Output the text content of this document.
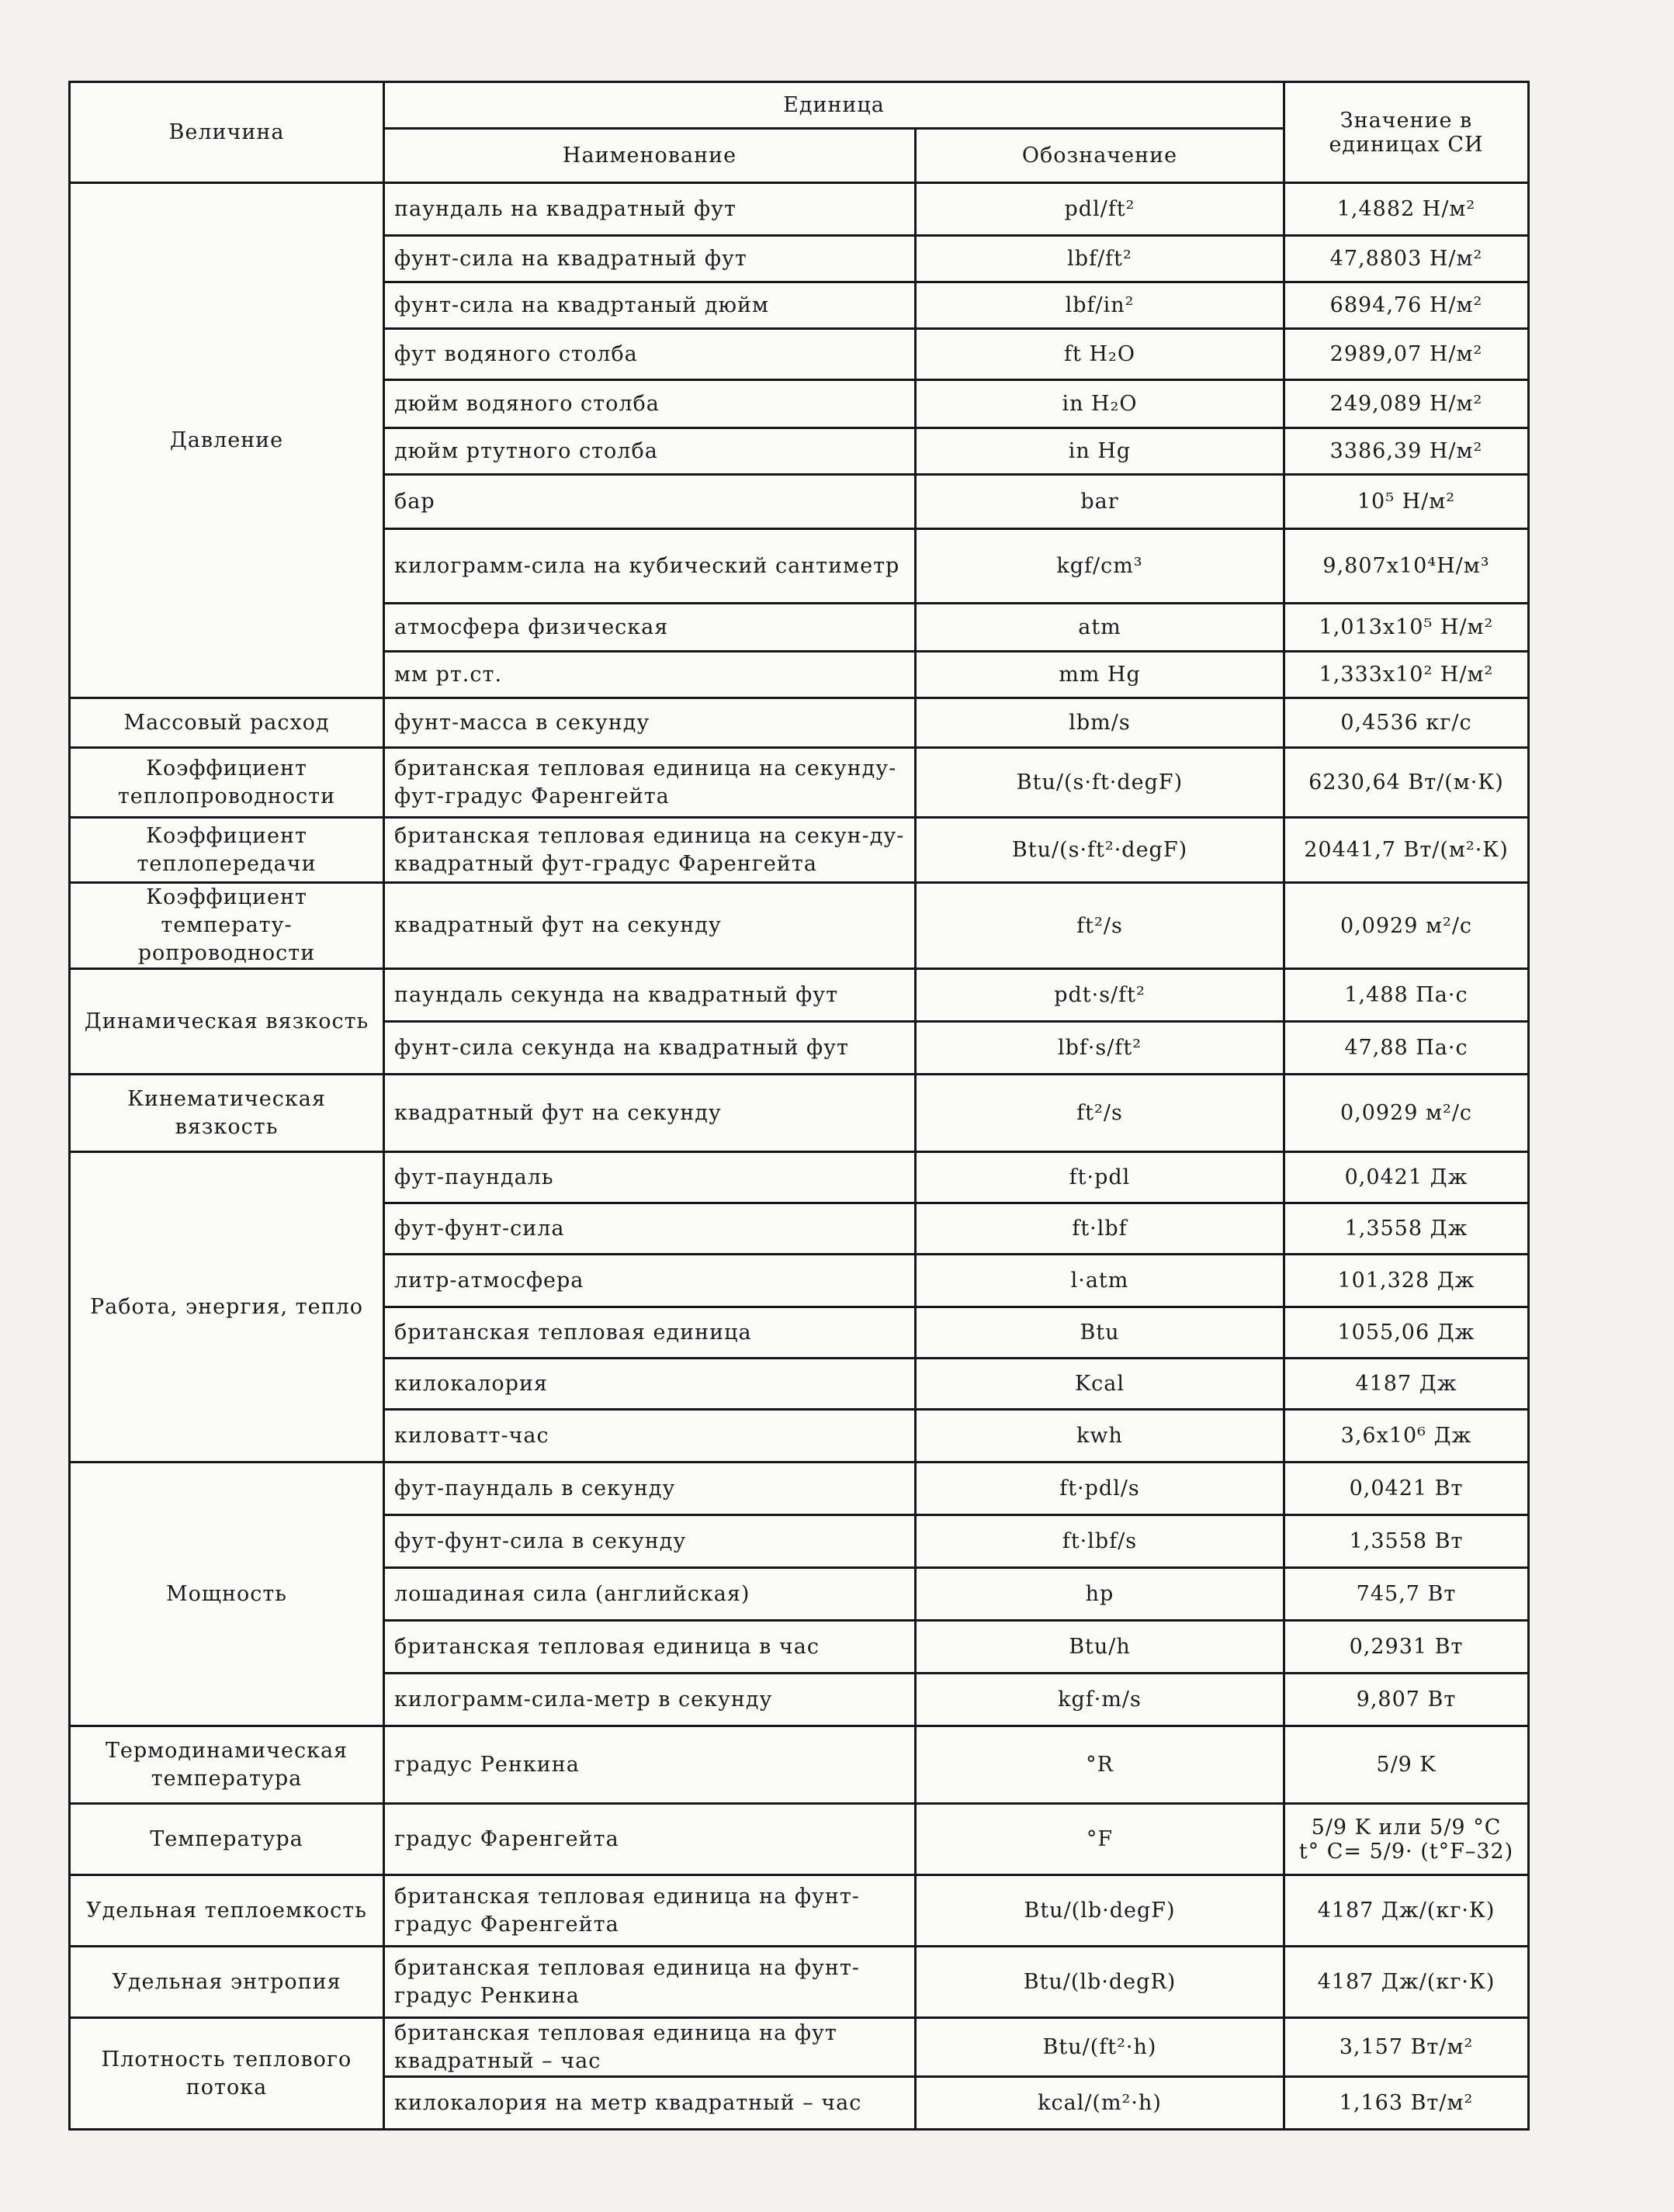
Величина	Единица		Значение в единицах СИ
	Наименование	Обозначение	
Давление	паундаль на квадратный фут	pdl/ft²	1,4882 Н/м²
	фунт-сила на квадратный фут	lbf/ft²	47,8803 Н/м²
	фунт-сила на квадртаный дюйм	lbf/in²	6894,76 Н/м²
	фут водяного столба	ft H₂O	2989,07 Н/м²
	дюйм водяного столба	in H₂O	249,089 Н/м²
	дюйм ртутного столба	in Hg	3386,39 Н/м²
	бар	bar	10⁵ Н/м²
	килограмм-сила на кубический сантиметр	kgf/cm³	9,807x10⁴Н/м³
	атмосфера физическая	atm	1,013x10⁵ Н/м²
	мм рт.ст.	mm Hg	1,333x10² Н/м²
Массовый расход	фунт-масса в секунду	lbm/s	0,4536 кг/с
Коэффициент теплопроводности	британская тепловая единица на секунду-фут-градус Фаренгейта	Btu/(s·ft·degF)	6230,64 Вт/(м·К)
Коэффициент теплопередачи	британская тепловая единица на секун-ду-квадратный фут-градус Фаренгейта	Btu/(s·ft²·degF)	20441,7 Вт/(м²·К)
Коэффициент температу-ропроводности	квадратный фут на секунду	ft²/s	0,0929 м²/с
Динамическая вязкость	паундаль секунда на квадратный фут	pdt·s/ft²	1,488 Па·с
	фунт-сила секунда на квадратный фут	lbf·s/ft²	47,88 Па·с
Кинематическая вязкость	квадратный фут на секунду	ft²/s	0,0929 м²/с
Работа, энергия, тепло	фут-паундаль	ft·pdl	0,0421 Дж
	фут-фунт-сила	ft·lbf	1,3558 Дж
	литр-атмосфера	l·atm	101,328 Дж
	британская тепловая единица	Btu	1055,06 Дж
	килокалория	Kcal	4187 Дж
	киловатт-час	kwh	3,6x10⁶ Дж
Мощность	фут-паундаль в секунду	ft·pdl/s	0,0421 Вт
	фут-фунт-сила в секунду	ft·lbf/s	1,3558 Вт
	лошадиная сила (английская)	hp	745,7 Вт
	британская тепловая единица в час	Btu/h	0,2931 Вт
	килограмм-сила-метр в секунду	kgf·m/s	9,807 Вт
Термодинамическая температура	градус Ренкина	°R	5/9 K
Температура	градус Фаренгейта	°F	5/9 K или 5/9 °C
t° C= 5/9· (t°F–32)

Удельная теплоемкость	британская тепловая единица на фунт-градус Фаренгейта	Btu/(lb·degF)	4187 Дж/(кг·К)
Удельная энтропия	британская тепловая единица на фунт-градус Ренкина	Btu/(lb·degR)	4187 Дж/(кг·К)
Плотность теплового потока	британская тепловая единица на фут квадратный – час	Btu/(ft²·h)	3,157 Вт/м²
	килокалория на метр квадратный – час	kcal/(m²·h)	1,163 Вт/м²
